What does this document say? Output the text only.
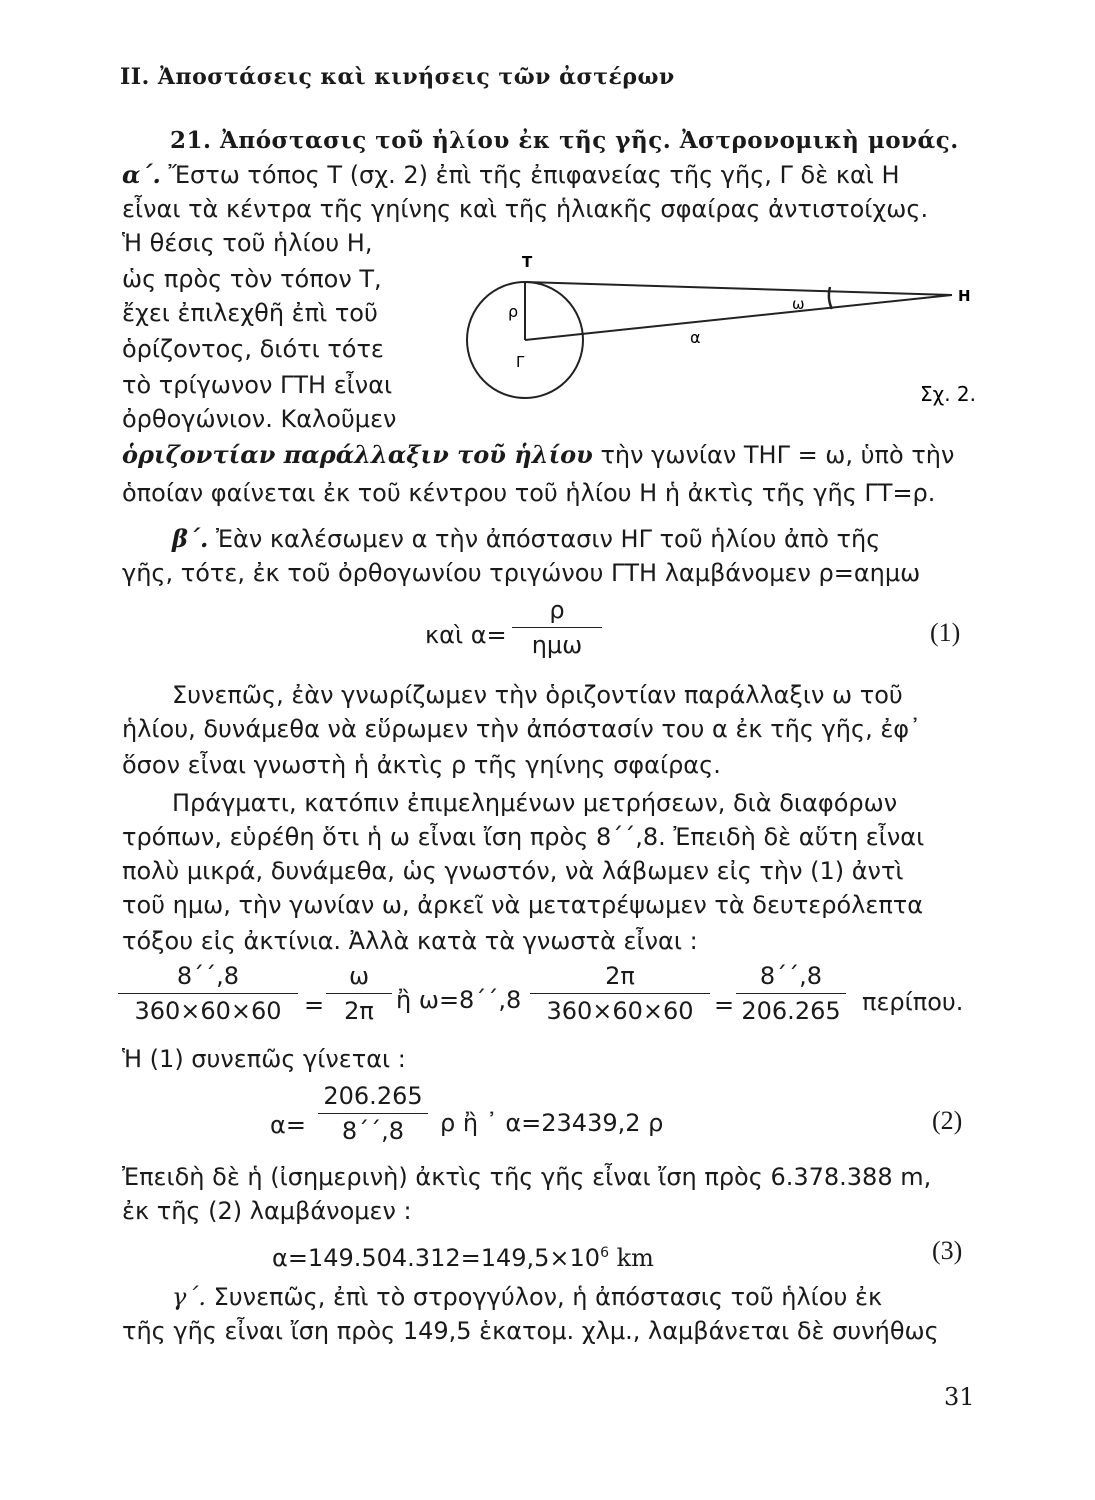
II. Ἀποστάσεις καὶ κινήσεις τῶν ἀστέρων
21. Ἀπόστασις τοῦ ἡλίου ἐκ τῆς γῆς. Ἀστρονομικὴ μονάς.
α΄. Ἔστω τόπος Τ (σχ. 2) ἐπὶ τῆς ἐπιφανείας τῆς γῆς, Γ δὲ καὶ Η
εἶναι τὰ κέντρα τῆς γηίνης καὶ τῆς ἡλιακῆς σφαίρας ἀντιστοίχως.
Ἡ θέσις τοῦ ἡλίου Η,
ὡς πρὸς τὸν τόπον Τ,
ἔχει ἐπιλεχθῆ ἐπὶ τοῦ
ὁρίζοντος, διότι τότε
τὸ τρίγωνον ΓΤΗ εἶναι
ὀρθογώνιον. Καλοῦμεν
ὁριζοντίαν παράλλαξιν τοῦ ἡλίου τὴν γωνίαν ΤΗΓ = ω, ὑπὸ τὴν
ὁποίαν φαίνεται ἐκ τοῦ κέντρου τοῦ ἡλίου Η ἡ ἀκτὶς τῆς γῆς ΓΤ=ρ.
Τ
Η
Γ
ρ
α
ω
Σχ. 2.
β΄. Ἐὰν καλέσωμεν α τὴν ἀπόστασιν ΗΓ τοῦ ἡλίου ἀπὸ τῆς
γῆς, τότε, ἐκ τοῦ ὀρθογωνίου τριγώνου ΓΤΗ λαμβάνομεν ρ=αημω
καὶ α=
ρ
ημω	(1)
Συνεπῶς, ἐὰν γνωρίζωμεν τὴν ὁριζοντίαν παράλλαξιν ω τοῦ
ἡλίου, δυνάμεθα νὰ εὕρωμεν τὴν ἀπόστασίν του α ἐκ τῆς γῆς, ἐφ᾽
ὅσον εἶναι γνωστὴ ἡ ἀκτὶς ρ τῆς γηίνης σφαίρας.
Πράγματι, κατόπιν ἐπιμελημένων μετρήσεων, διὰ διαφόρων
τρόπων, εὑρέθη ὅτι ἡ ω εἶναι ἴση πρὸς 8΄΄,8. Ἐπειδὴ δὲ αὕτη εἶναι
πολὺ μικρά, δυνάμεθα, ὡς γνωστόν, νὰ λάβωμεν εἰς τὴν (1) ἀντὶ
τοῦ ημω, τὴν γωνίαν ω, ἀρκεῖ νὰ μετατρέψωμεν τὰ δευτερόλεπτα
τόξου εἰς ἀκτίνια. Ἀλλὰ κατὰ τὰ γνωστὰ εἶναι :
8΄΄,8
360×60×60 =
ω
2π ἢ ω=8΄΄,8
2π
360×60×60 =
8΄΄,8
206.265 περίπου.
Ἡ (1) συνεπῶς γίνεται :
α=
206.265
8΄΄,8	ρ ἢ ᾽ α=23439,2 ρ	(2)
Ἐπειδὴ δὲ ἡ (ἰσημερινὴ) ἀκτὶς τῆς γῆς εἶναι ἴση πρὸς 6.378.388 m,
ἐκ τῆς (2) λαμβάνομεν :
$\alpha=149.504.312=149,5\times 10^6$ km	(3)
γ΄. Συνεπῶς, ἐπὶ τὸ στρογγύλον, ἡ ἀπόστασις τοῦ ἡλίου ἐκ
τῆς γῆς εἶναι ἴση πρὸς 149,5 ἑκατομ. χλμ., λαμβάνεται δὲ συνήθως
31
